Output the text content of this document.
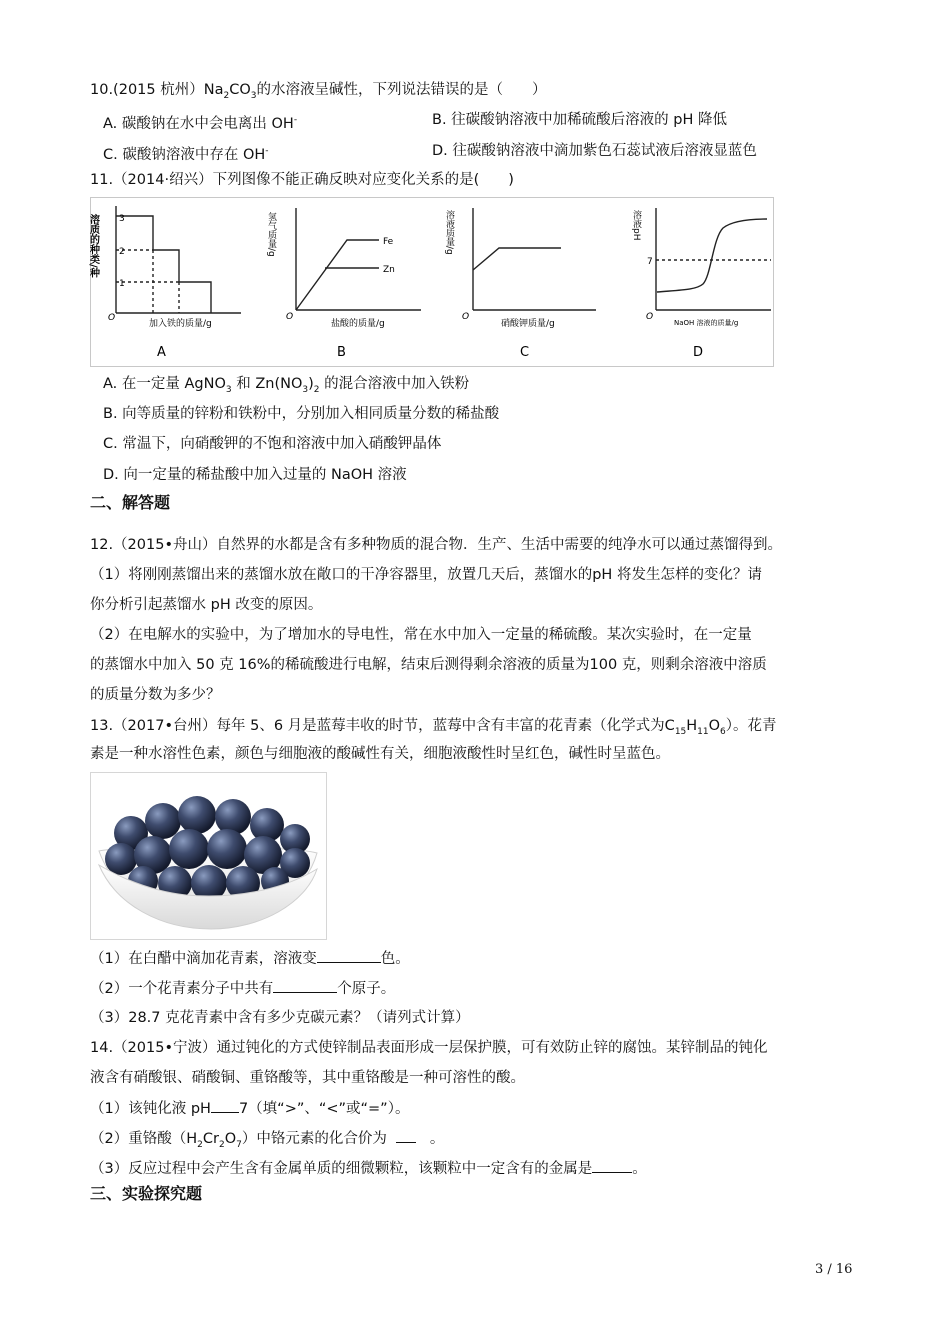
10.(2015 杭州）$Na_2CO_3$的水溶液呈碱性，下列说法错误的是（　　）
A. 碳酸钠在水中会电离出 OH-	B. 往碳酸钠溶液中加稀硫酸后溶液的 pH 降低
C. 碳酸钠溶液中存在 OH-	D. 往碳酸钠溶液中滴加紫色石蕊试液后溶液显蓝色
11.（2014·绍兴）下列图像不能正确反映对应变化关系的是(　　)
O
3
2
1
溶质的种类/种
加入铁的质量/g
A
O
氢气质量/g	Fe
Zn
盐酸的质量/g
B
O
溶液质量/g
硝酸钾质量/g
C
O
溶液pH
7
NaOH 溶液的质量/g
D
A. 在一定量 AgNO$_3$ 和 $Zn(NO_3)_2$ 的混合溶液中加入铁粉
B. 向等质量的锌粉和铁粉中，分别加入相同质量分数的稀盐酸
C. 常温下，向硝酸钾的不饱和溶液中加入硝酸钾晶体
D. 向一定量的稀盐酸中加入过量的 NaOH 溶液
二、解答题
12.（2015•舟山）自然界的水都是含有多种物质的混合物．生产、生活中需要的纯净水可以通过蒸馏得到。
（1）将刚刚蒸馏出来的蒸馏水放在敞口的干净容器里，放置几天后，蒸馏水的pH 将发生怎样的变化？请
你分析引起蒸馏水 pH 改变的原因。
（2）在电解水的实验中，为了增加水的导电性，常在水中加入一定量的稀硫酸。某次实验时，在一定量
的蒸馏水中加入 50 克 16%的稀硫酸进行电解，结束后测得剩余溶液的质量为100 克，则剩余溶液中溶质
的质量分数为多少？
13.（2017•台州）每年 5、6 月是蓝莓丰收的时节，蓝莓中含有丰富的花青素（化学式为$C_{15}H_{11}O_6$）。花青
素是一种水溶性色素，颜色与细胞液的酸碱性有关，细胞液酸性时呈红色，碱性时呈蓝色。
（1）在白醋中滴加花青素，溶液变	色。
（2）一个花青素分子中共有	个原子。
（3）28.7 克花青素中含有多少克碳元素？（请列式计算）
14.（2015•宁波）通过钝化的方式使锌制品表面形成一层保护膜，可有效防止锌的腐蚀。某锌制品的钝化
液含有硝酸银、硝酸铜、重铬酸等，其中重铬酸是一种可溶性的酸。
（1）该钝化液 pH 7（填“>”、“<”或“=”）。
（2）重铬酸$(H_2Cr_2O_7)$中铬元素的化合价为	。
（3）反应过程中会产生含有金属单质的细微颗粒，该颗粒中一定含有的金属是	。
三、实验探究题
3 / 16
